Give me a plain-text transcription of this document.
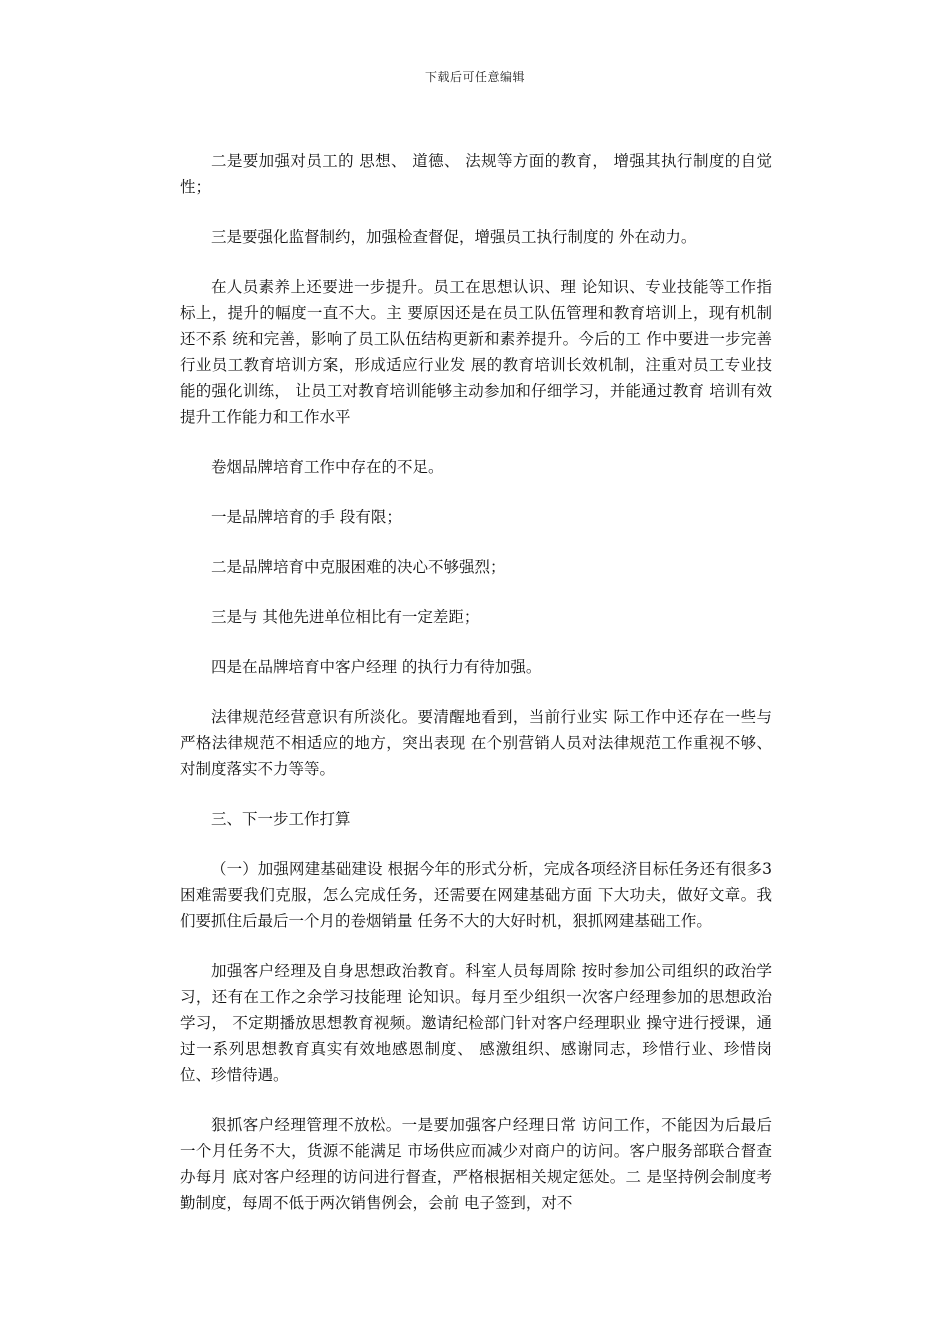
下载后可任意编辑

二是要加强对员工的 思想、 道德、 法规等方面的教育， 增强其执行制度的自觉性；

三是要强化监督制约，加强检查督促，增强员工执行制度的 外在动力。

在人员素养上还要进一步提升。员工在思想认识、理 论知识、专业技能等工作指标上，提升的幅度一直不大。主 要原因还是在员工队伍管理和教育培训上，现有机制还不系 统和完善，影响了员工队伍结构更新和素养提升。今后的工 作中要进一步完善行业员工教育培训方案，形成适应行业发 展的教育培训长效机制，注重对员工专业技能的强化训练， 让员工对教育培训能够主动参加和仔细学习，并能通过教育 培训有效提升工作能力和工作水平

卷烟品牌培育工作中存在的不足。

一是品牌培育的手 段有限；

二是品牌培育中克服困难的决心不够强烈；

三是与 其他先进单位相比有一定差距；

四是在品牌培育中客户经理 的执行力有待加强。

法律规范经营意识有所淡化。要清醒地看到，当前行业实 际工作中还存在一些与严格法律规范不相适应的地方，突出表现 在个别营销人员对法律规范工作重视不够、对制度落实不力等等。

三、下一步工作打算

（一）加强网建基础建设 根据今年的形式分析，完成各项经济目标任务还有很多3 困难需要我们克服，怎么完成任务，还需要在网建基础方面 下大功夫，做好文章。我们要抓住后最后一个月的卷烟销量 任务不大的大好时机，狠抓网建基础工作。

加强客户经理及自身思想政治教育。科室人员每周除 按时参加公司组织的政治学习，还有在工作之余学习技能理 论知识。每月至少组织一次客户经理参加的思想政治学习， 不定期播放思想教育视频。邀请纪检部门针对客户经理职业 操守进行授课，通过一系列思想教育真实有效地感恩制度、 感激组织、感谢同志，珍惜行业、珍惜岗位、珍惜待遇。

狠抓客户经理管理不放松。一是要加强客户经理日常 访问工作，不能因为后最后一个月任务不大，货源不能满足 市场供应而减少对商户的访问。客户服务部联合督查办每月 底对客户经理的访问进行督查，严格根据相关规定惩处。二 是坚持例会制度考勤制度，每周不低于两次销售例会，会前 电子签到，对不
